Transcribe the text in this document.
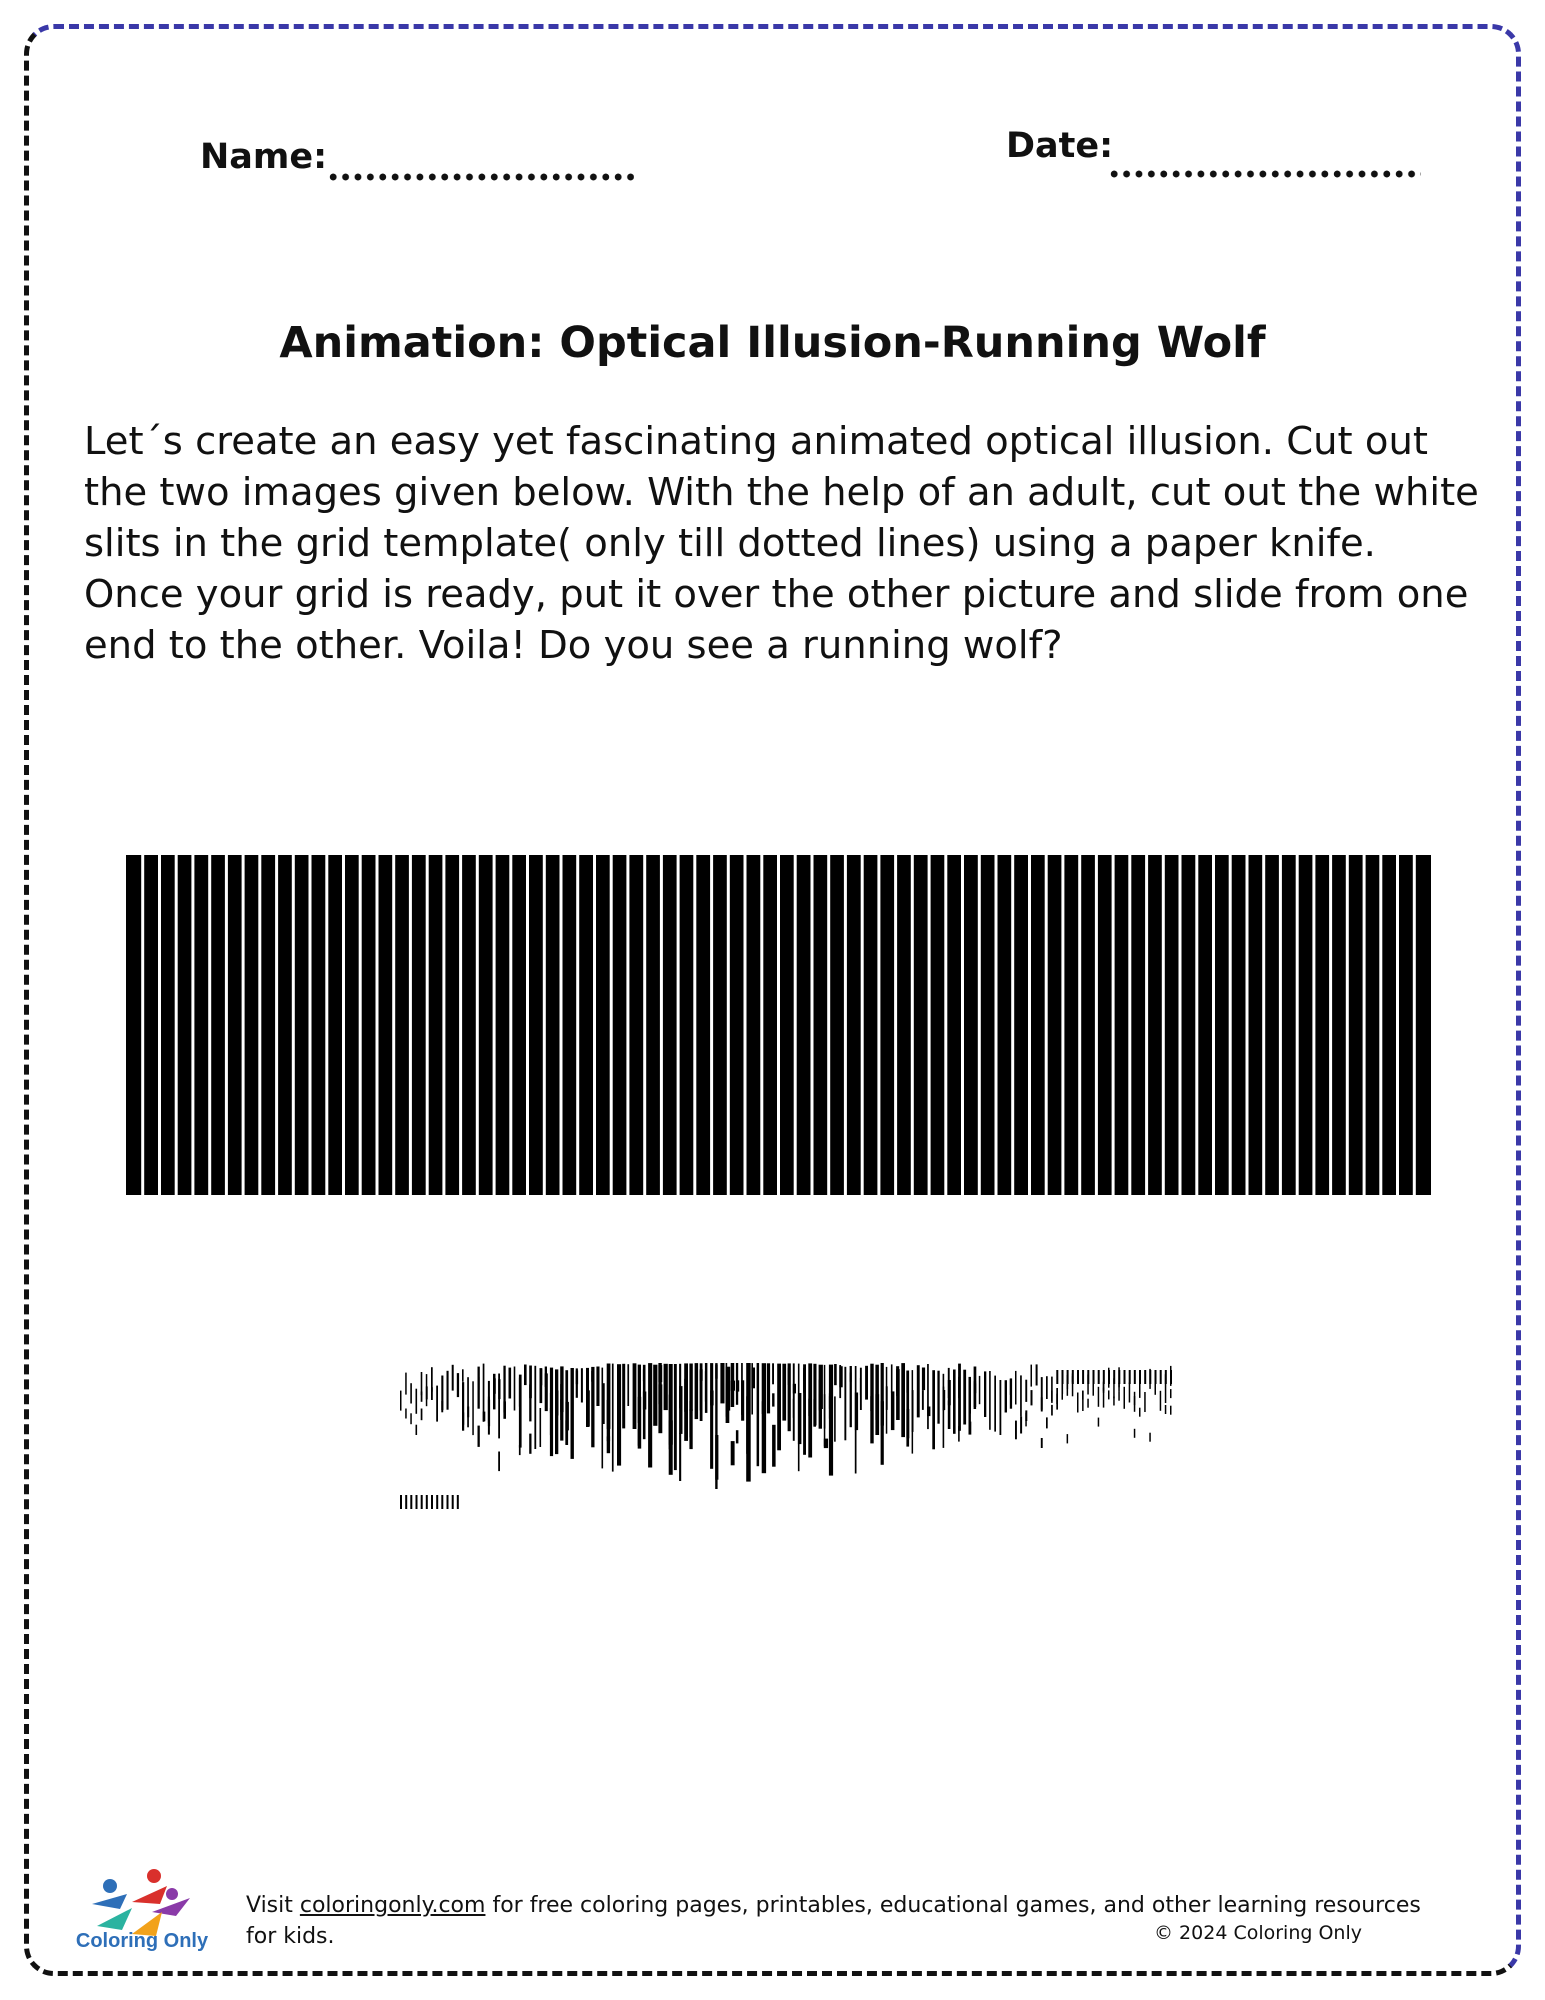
Name:	Date:
Animation: Optical Illusion-Running Wolf

Let´s create an easy yet fascinating animated optical illusion. Cut out the two images given below. With the help of an adult, cut out the white slits in the grid template( only till dotted lines) using a paper knife. Once your grid is ready, put it over the other picture and slide from one end to the other. Voila! Do you see a running wolf?

Coloring Only
Visit coloringonly.com for free coloring pages, printables, educational games, and other learning resources for kids.	© 2024 Coloring Only
